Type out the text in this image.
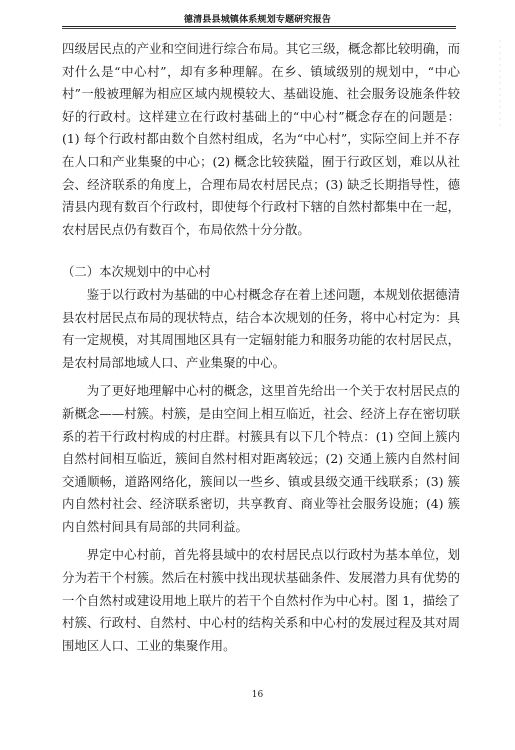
德清县县城镇体系规划专题研究报告

四级居民点的产业和空间进行综合布局。其它三级，概念都比较明确，而对什么是“中心村”，却有多种理解。在乡、镇域级别的规划中，“中心村”一般被理解为相应区域内规模较大、基础设施、社会服务设施条件较好的行政村。这样建立在行政村基础上的“中心村”概念存在的问题是：(1) 每个行政村都由数个自然村组成，名为“中心村”，实际空间上并不存在人口和产业集聚的中心；(2) 概念比较狭隘，囿于行政区划，难以从社会、经济联系的角度上，合理布局农村居民点；(3) 缺乏长期指导性，德清县内现有数百个行政村，即使每个行政村下辖的自然村都集中在一起，农村居民点仍有数百个，布局依然十分分散。

（二）本次规划中的中心村

鉴于以行政村为基础的中心村概念存在着上述问题，本规划依据德清县农村居民点布局的现状特点，结合本次规划的任务，将中心村定为：具有一定规模，对其周围地区具有一定辐射能力和服务功能的农村居民点，是农村局部地域人口、产业集聚的中心。

为了更好地理解中心村的概念，这里首先给出一个关于农村居民点的新概念——村簇。村簇，是由空间上相互临近，社会、经济上存在密切联系的若干行政村构成的村庄群。村簇具有以下几个特点：(1) 空间上簇内自然村间相互临近，簇间自然村相对距离较远；(2) 交通上簇内自然村间交通顺畅，道路网络化，簇间以一些乡、镇或县级交通干线联系；(3) 簇内自然村社会、经济联系密切，共享教育、商业等社会服务设施；(4) 簇内自然村间具有局部的共同利益。

界定中心村前，首先将县域中的农村居民点以行政村为基本单位，划分为若干个村簇。然后在村簇中找出现状基础条件、发展潜力具有优势的一个自然村或建设用地上联片的若干个自然村作为中心村。图 1，描绘了村簇、行政村、自然村、中心村的结构关系和中心村的发展过程及其对周围地区人口、工业的集聚作用。

16
